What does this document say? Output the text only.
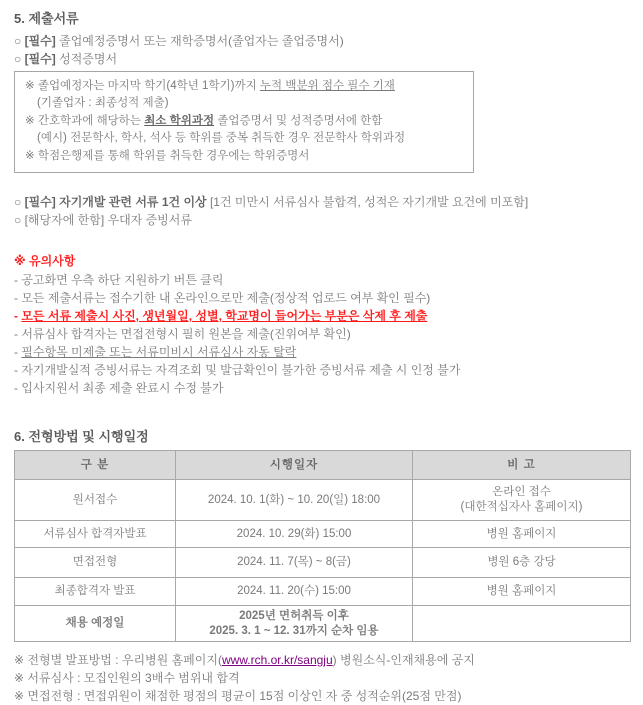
5. 제출서류
○ [필수] 졸업예정증명서 또는 재학증명서(졸업자는 졸업증명서)
○ [필수] 성적증명서
※ 졸업예정자는 마지막 학기(4학년 1학기)까지 누적 백분위 점수 필수 기재
(기졸업자 : 최종성적 제출)
※ 간호학과에 해당하는 최소 학위과정 졸업증명서 및 성적증명서에 한함
(예시) 전문학사, 학사, 석사 등 학위를 중복 취득한 경우 전문학사 학위과정
※ 학점은행제를 통해 학위를 취득한 경우에는 학위증명서
○ [필수] 자기개발 관련 서류 1건 이상 [1건 미만시 서류심사 불합격, 성적은 자기개발 요건에 미포함]
○ [해당자에 한함] 우대자 증빙서류
※ 유의사항
- 공고화면 우측 하단 지원하기 버튼 클릭
- 모든 제출서류는 접수기한 내 온라인으로만 제출(정상적 업로드 여부 확인 필수)
- 모든 서류 제출시 사진, 생년월일, 성별, 학교명이 들어가는 부분은 삭제 후 제출
- 서류심사 합격자는 면접전형시 필히 원본을 제출(진위여부 확인)
- 필수항목 미제출 또는 서류미비시 서류심사 자동 탈락
- 자기개발실적 증빙서류는 자격조회 및 발급확인이 불가한 증빙서류 제출 시 인정 불가
- 입사지원서 최종 제출 완료시 수정 불가
6. 전형방법 및 시행일정
구 분	시행일자	비 고
원서접수	2024. 10. 1(화) ~ 10. 20(일) 18:00	온라인 접수
(대한적십자사 홈페이지)

서류심사 합격자발표	2024. 10. 29(화) 15:00	병원 홈페이지
면접전형	2024. 11. 7(목) ~ 8(금)	병원 6층 강당
최종합격자 발표	2024. 11. 20(수) 15:00	병원 홈페이지
채용 예정일	2025년 면허취득 이후
2025. 3. 1 ~ 12. 31까지 순차 임용	

※ 전형별 발표방법 : 우리병원 홈페이지(www.rch.or.kr/sangju) 병원소식-인재채용에 공지
※ 서류심사 : 모집인원의 3배수 범위내 합격
※ 면접전형 : 면접위원이 채점한 평점의 평균이 15점 이상인 자 중 성적순위(25점 만점)
